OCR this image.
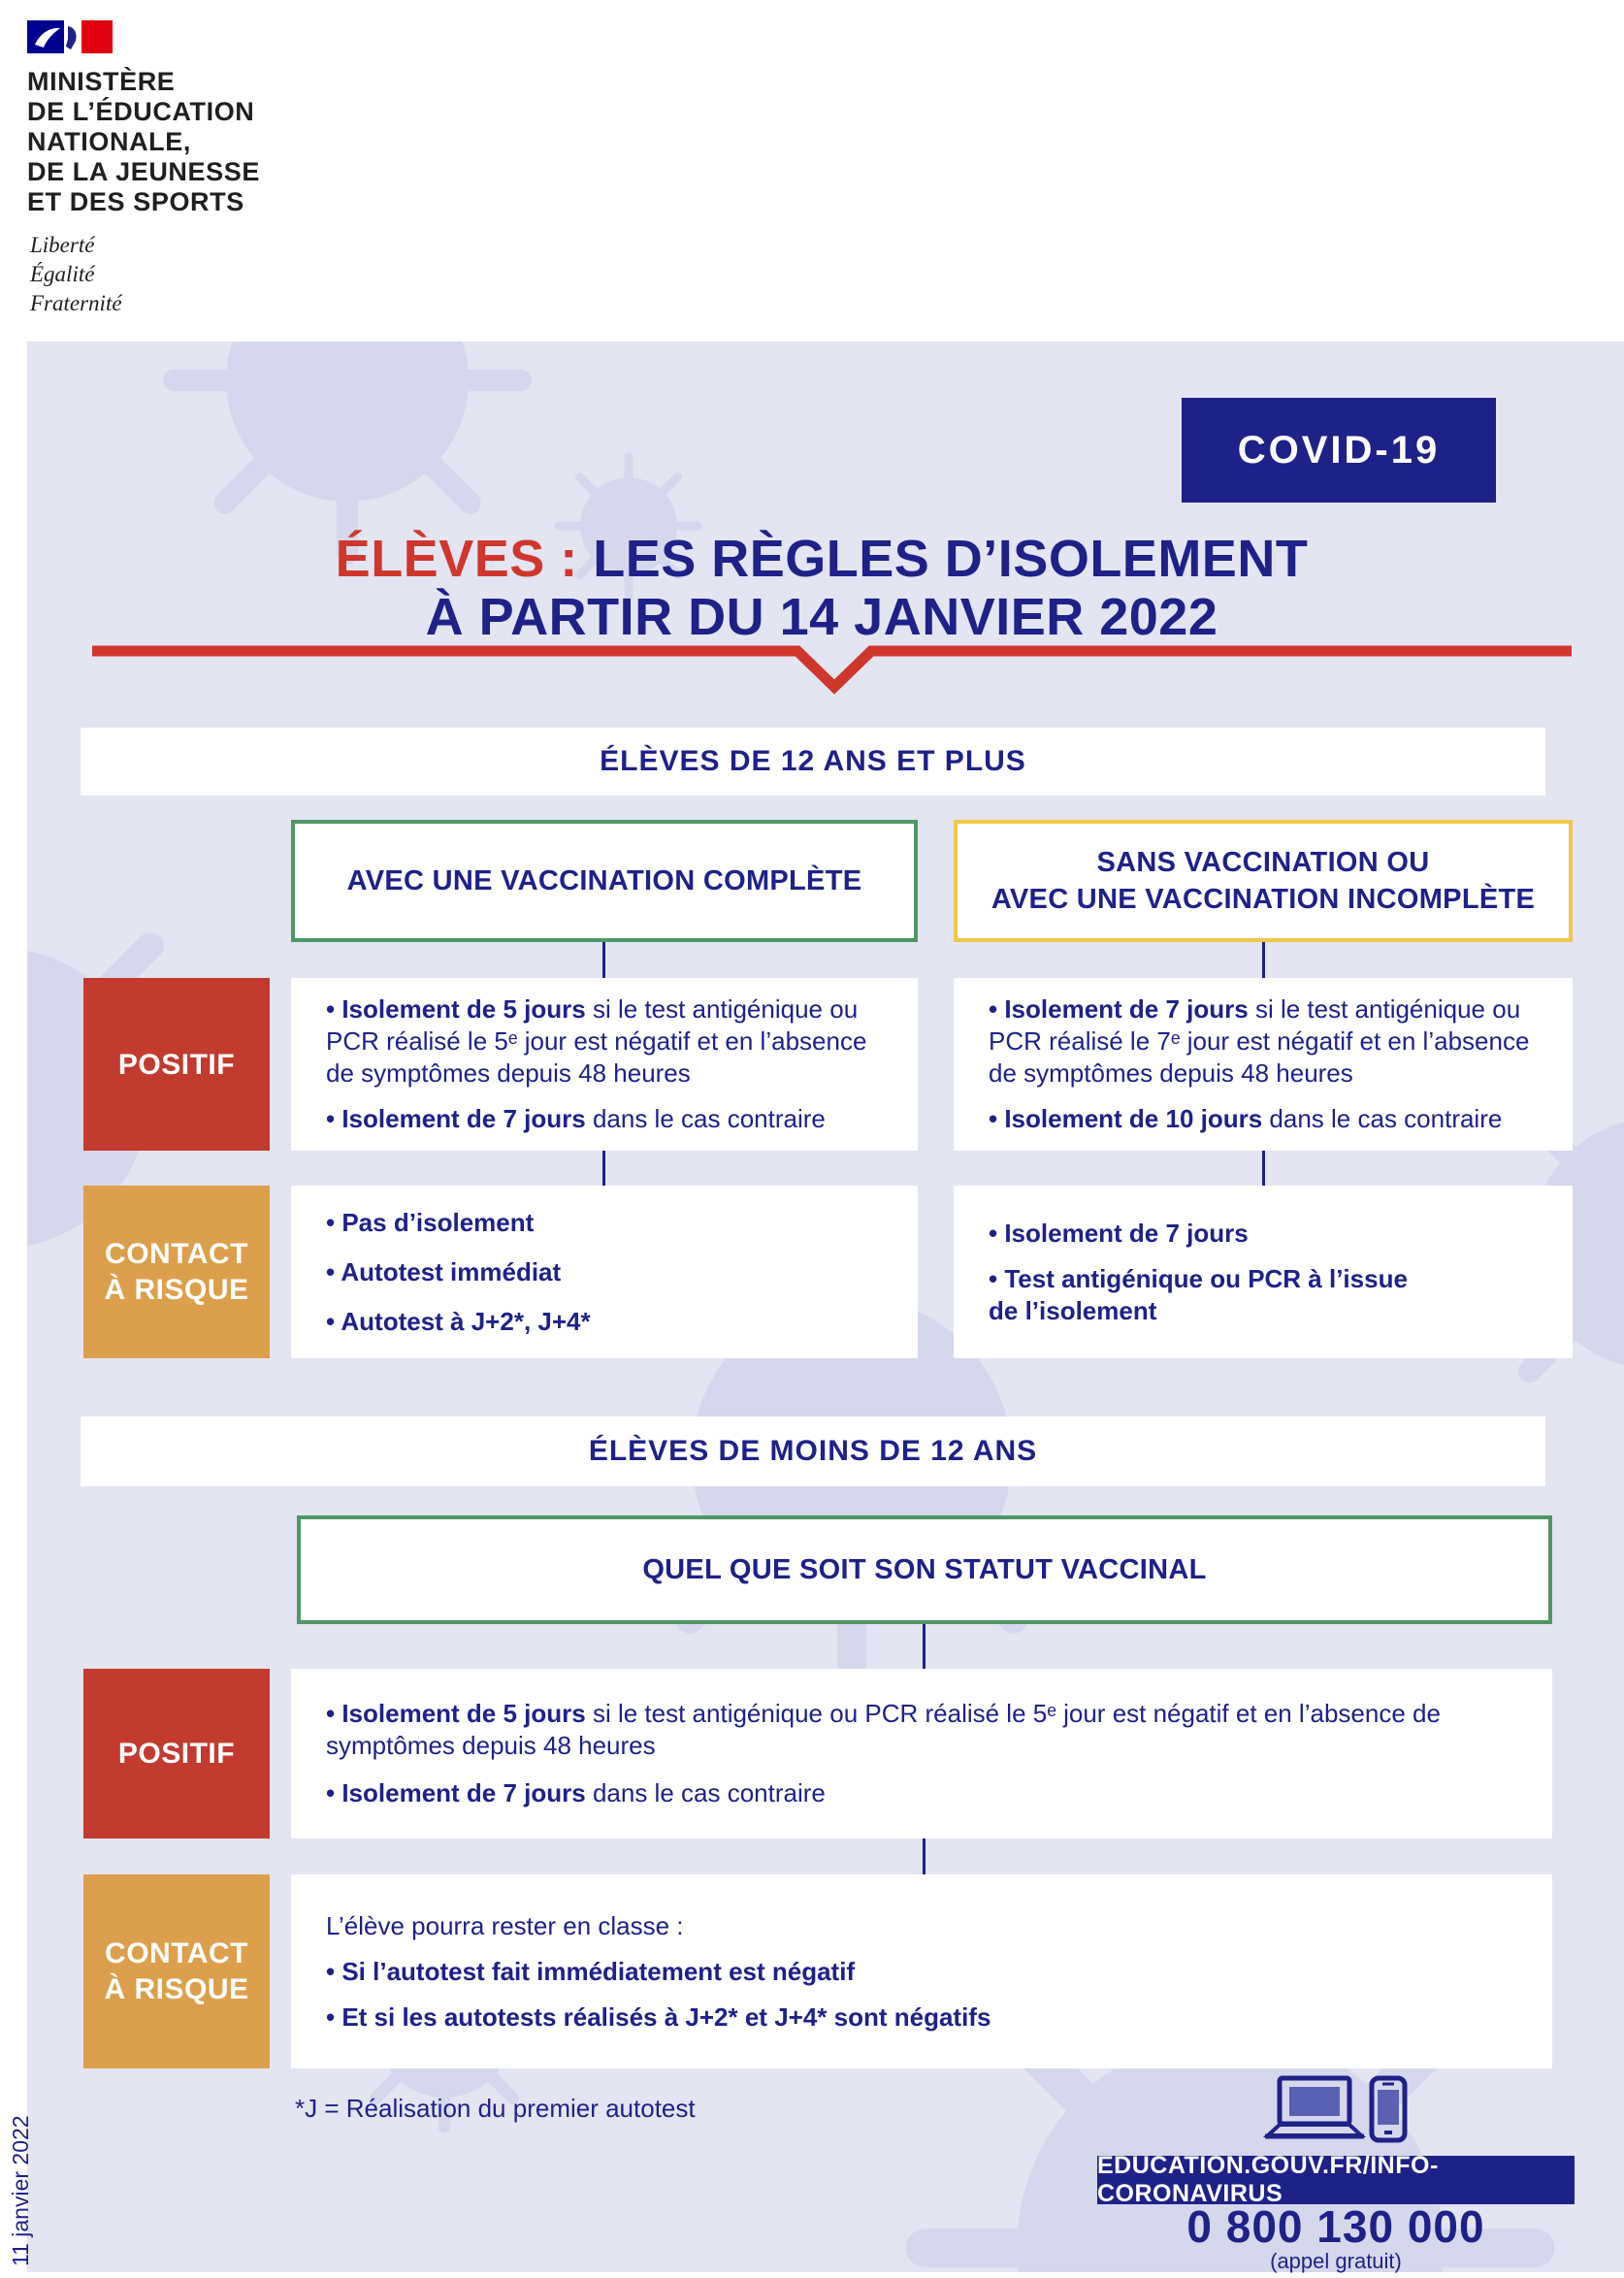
MINISTÈRE
DE L’ÉDUCATION
NATIONALE,
DE LA JEUNESSE
ET DES SPORTS
Liberté
Égalité
Fraternité
COVID-19
ÉLÈVES : LES RÈGLES D’ISOLEMENT
À PARTIR DU 14 JANVIER 2022
ÉLÈVES DE 12 ANS ET PLUS
AVEC UNE VACCINATION COMPLÈTE
SANS VACCINATION OU
AVEC UNE VACCINATION INCOMPLÈTE
POSITIF
• Isolement de 5 jours si le test antigénique ou PCR réalisé le 5ᵉ jour est négatif et en l’absence de symptômes depuis 48 heures
• Isolement de 7 jours dans le cas contraire
• Isolement de 7 jours si le test antigénique ou PCR réalisé le 7ᵉ jour est négatif et en l’absence de symptômes depuis 48 heures
• Isolement de 10 jours dans le cas contraire
CONTACT
À RISQUE
• Pas d’isolement
• Autotest immédiat
• Autotest à J+2*, J+4*
• Isolement de 7 jours
• Test antigénique ou PCR à l’issue de l’isolement
ÉLÈVES DE MOINS DE 12 ANS
QUEL QUE SOIT SON STATUT VACCINAL
POSITIF
• Isolement de 5 jours si le test antigénique ou PCR réalisé le 5ᵉ jour est négatif et en l’absence de symptômes depuis 48 heures
• Isolement de 7 jours dans le cas contraire
CONTACT
À RISQUE
L’élève pourra rester en classe :
• Si l’autotest fait immédiatement est négatif
• Et si les autotests réalisés à J+2* et J+4* sont négatifs
*J = Réalisation du premier autotest
EDUCATION.GOUV.FR/INFO-CORONAVIRUS
0 800 130 000
(appel gratuit)
11 janvier 2022
